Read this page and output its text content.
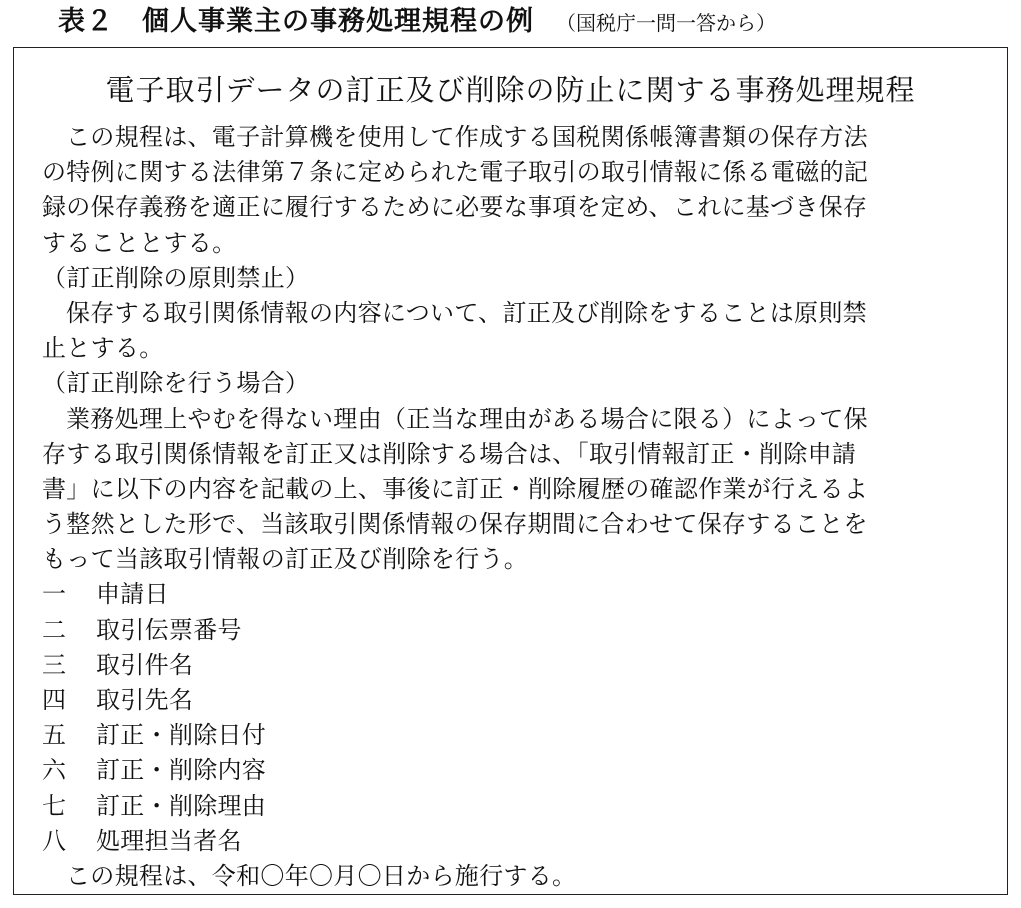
表２　個人事業主の事務処理規程の例 （国税庁一問一答から）
電子取引データの訂正及び削除の防止に関する事務処理規程
この規程は、電子計算機を使用して作成する国税関係帳簿書類の保存方法
の特例に関する法律第７条に定められた電子取引の取引情報に係る電磁的記
録の保存義務を適正に履行するために必要な事項を定め、これに基づき保存
することとする。
（訂正削除の原則禁止）
保存する取引関係情報の内容について、訂正及び削除をすることは原則禁
止とする。
（訂正削除を行う場合）
業務処理上やむを得ない理由（正当な理由がある場合に限る）によって保
存する取引関係情報を訂正又は削除する場合は、「取引情報訂正・削除申請
書」に以下の内容を記載の上、事後に訂正・削除履歴の確認作業が行えるよ
う整然とした形で、当該取引関係情報の保存期間に合わせて保存することを
もって当該取引情報の訂正及び削除を行う。
一 申請日
二 取引伝票番号
三 取引件名
四 取引先名
五 訂正・削除日付
六 訂正・削除内容
七 訂正・削除理由
八 処理担当者名
この規程は、令和〇年〇月〇日から施行する。
